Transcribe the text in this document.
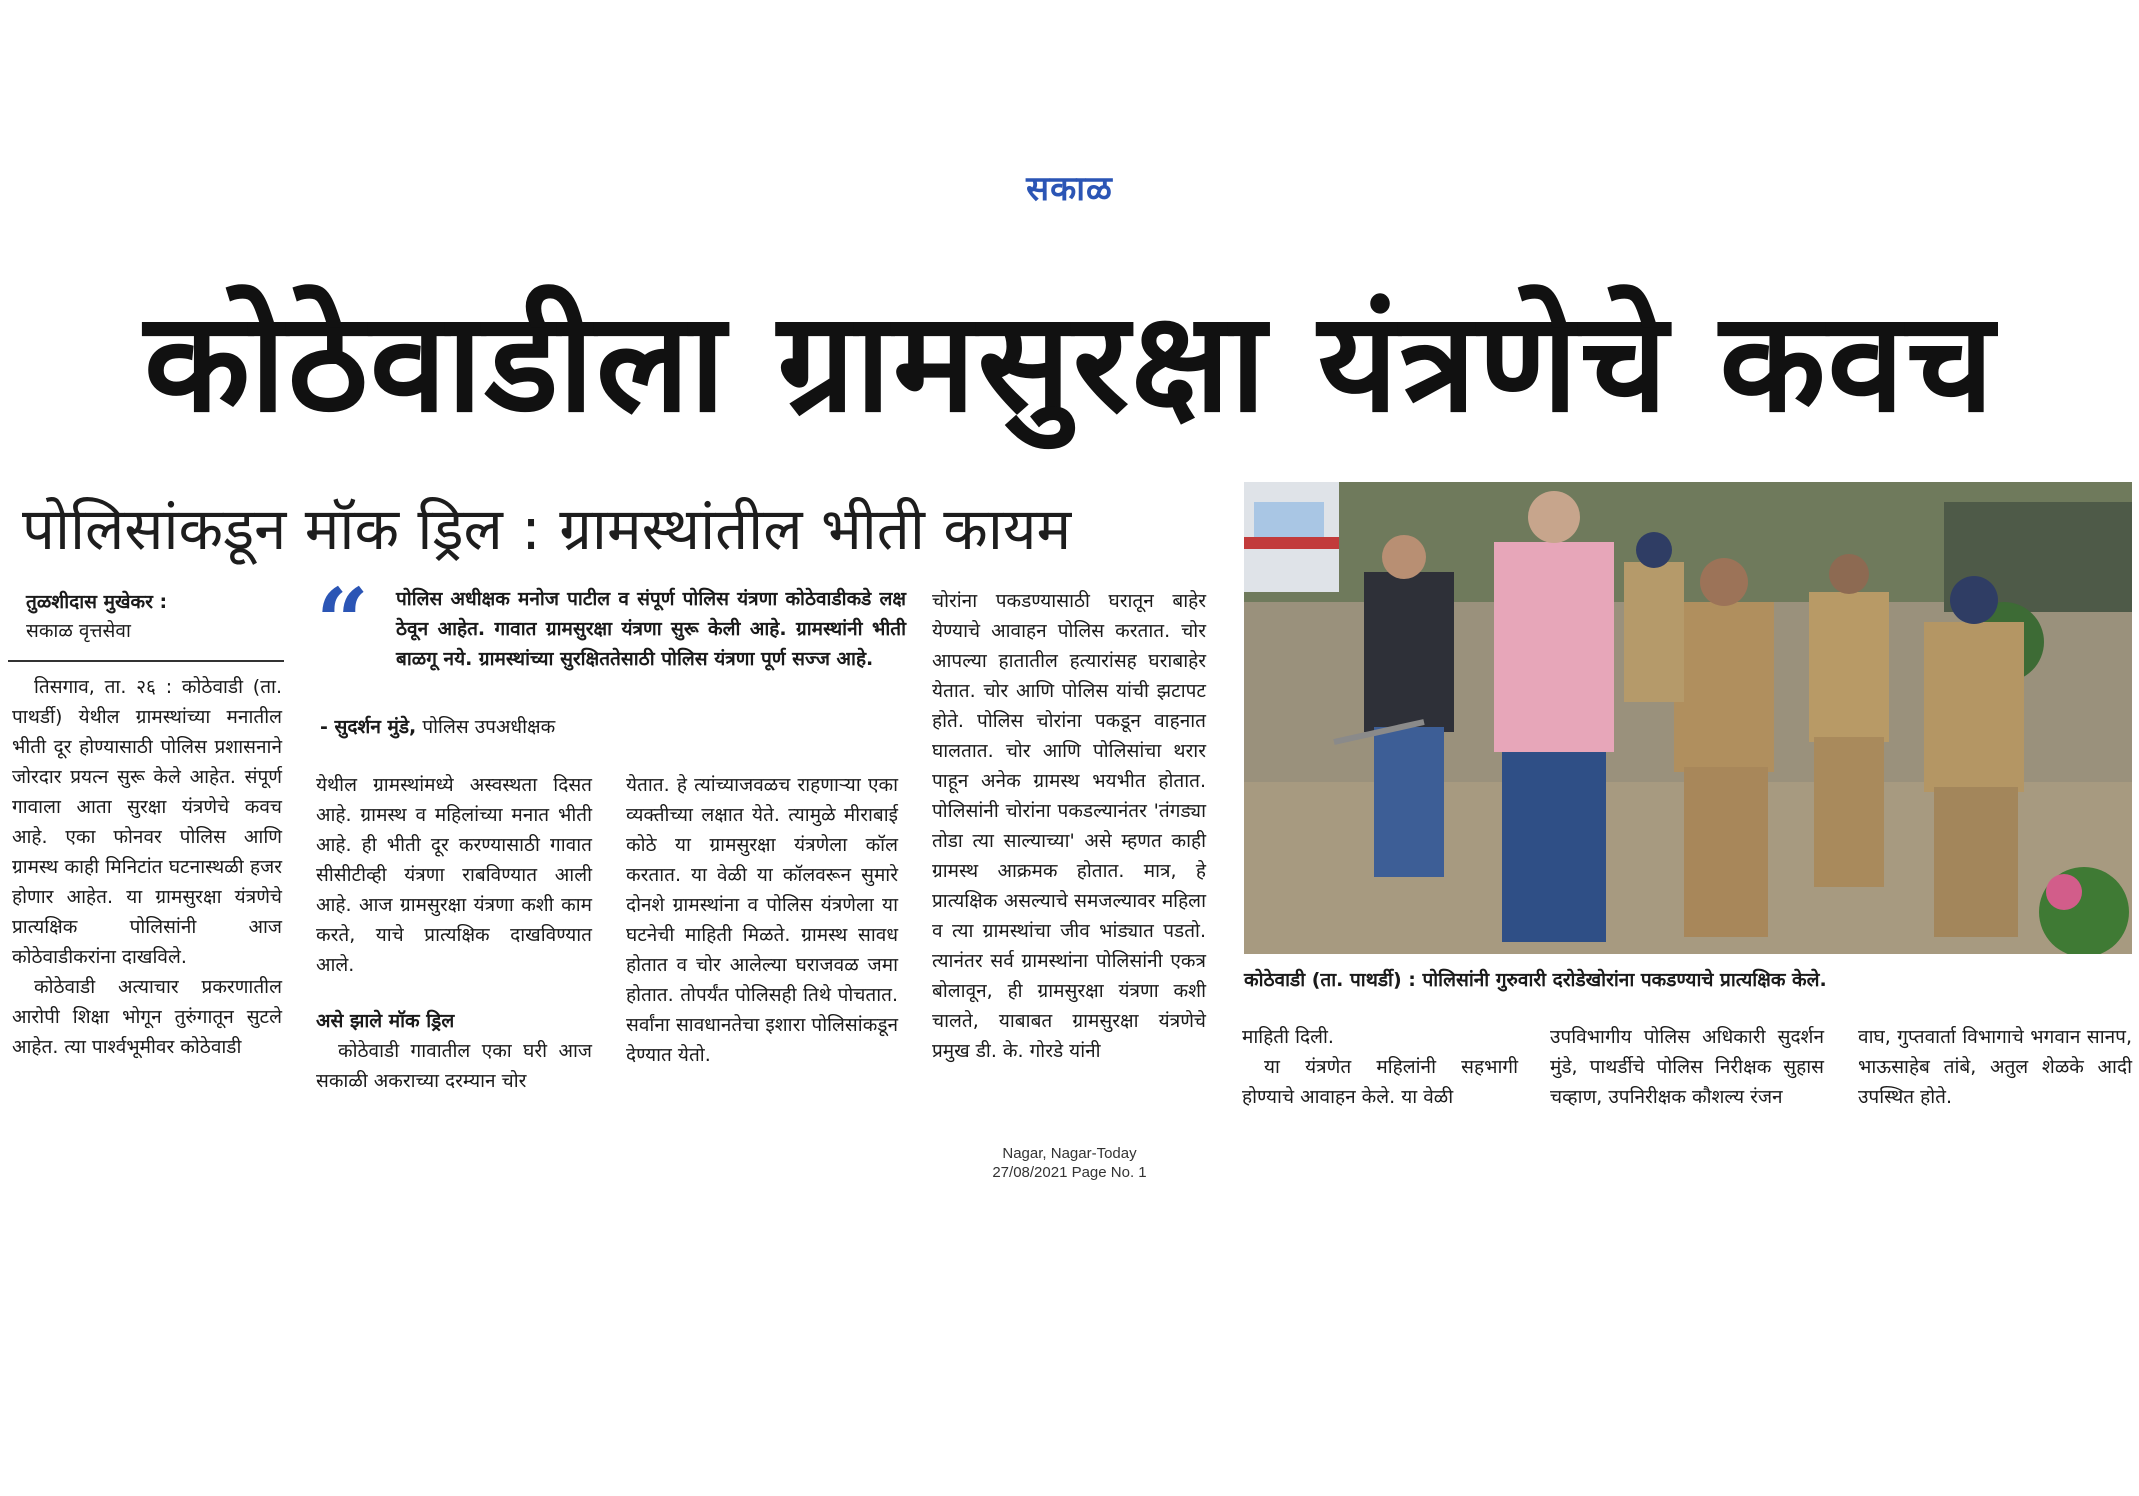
सकाळ
कोठेवाडीला ग्रामसुरक्षा यंत्रणेचे कवच
पोलिसांकडून मॉक ड्रिल : ग्रामस्थांतील भीती कायम
तुळशीदास मुखेकर :
सकाळ वृत्तसेवा

तिसगाव, ता. २६ : कोठेवाडी (ता. पाथर्डी) येथील ग्रामस्थांच्या मनातील भीती दूर होण्यासाठी पोलिस प्रशासनाने जोरदार प्रयत्न सुरू केले आहेत. संपूर्ण गावाला आता सुरक्षा यंत्रणेचे कवच आहे. एका फोनवर पोलिस आणि ग्रामस्थ काही मिनिटांत घटनास्थळी हजर होणार आहेत. या ग्रामसुरक्षा यंत्रणेचे प्रात्यक्षिक पोलिसांनी आज कोठेवाडीकरांना दाखविले.

कोठेवाडी अत्याचार प्रकरणातील आरोपी शिक्षा भोगून तुरुंगातून सुटले आहेत. त्या पार्श्वभूमीवर कोठेवाडी

“ पोलिस अधीक्षक मनोज पाटील व संपूर्ण पोलिस यंत्रणा कोठेवाडीकडे लक्ष ठेवून आहेत. गावात ग्रामसुरक्षा यंत्रणा सुरू केली आहे. ग्रामस्थांनी भीती बाळगू नये. ग्रामस्थांच्या सुरक्षिततेसाठी पोलिस यंत्रणा पूर्ण सज्ज आहे.
- सुदर्शन मुंडे, पोलिस उपअधीक्षक

येथील ग्रामस्थांमध्ये अस्वस्थता दिसत आहे. ग्रामस्थ व महिलांच्या मनात भीती आहे. ही भीती दूर करण्यासाठी गावात सीसीटीव्ही यंत्रणा राबविण्यात आली आहे. आज ग्रामसुरक्षा यंत्रणा कशी काम करते, याचे प्रात्यक्षिक दाखविण्यात आले.

असे झाले मॉक ड्रिल

कोठेवाडी गावातील एका घरी आज सकाळी अकराच्या दरम्यान चोर

येतात. हे त्यांच्याजवळच राहणाऱ्या एका व्यक्तीच्या लक्षात येते. त्यामुळे मीराबाई कोठे या ग्रामसुरक्षा यंत्रणेला कॉल करतात. या वेळी या कॉलवरून सुमारे दोनशे ग्रामस्थांना व पोलिस यंत्रणेला या घटनेची माहिती मिळते. ग्रामस्थ सावध होतात व चोर आलेल्या घराजवळ जमा होतात. तोपर्यंत पोलिसही तिथे पोचतात. सर्वांना सावधानतेचा इशारा पोलिसांकडून देण्यात येतो.

चोरांना पकडण्यासाठी घरातून बाहेर येण्याचे आवाहन पोलिस करतात. चोर आपल्या हातातील हत्यारांसह घराबाहेर येतात. चोर आणि पोलिस यांची झटापट होते. पोलिस चोरांना पकडून वाहनात घालतात. चोर आणि पोलिसांचा थरार पाहून अनेक ग्रामस्थ भयभीत होतात. पोलिसांनी चोरांना पकडल्यानंतर 'तंगड्या तोडा त्या साल्याच्या' असे म्हणत काही ग्रामस्थ आक्रमक होतात. मात्र, हे प्रात्यक्षिक असल्याचे समजल्यावर महिला व त्या ग्रामस्थांचा जीव भांड्यात पडतो. त्यानंतर सर्व ग्रामस्थांना पोलिसांनी एकत्र बोलावून, ही ग्रामसुरक्षा यंत्रणा कशी चालते, याबाबत ग्रामसुरक्षा यंत्रणेचे प्रमुख डी. के. गोरडे यांनी

कोठेवाडी (ता. पाथर्डी) : पोलिसांनी गुरुवारी दरोडेखोरांना पकडण्याचे प्रात्यक्षिक केले.

माहिती दिली.

या यंत्रणेत महिलांनी सहभागी होण्याचे आवाहन केले. या वेळी

उपविभागीय पोलिस अधिकारी सुदर्शन मुंडे, पाथर्डीचे पोलिस निरीक्षक सुहास चव्हाण, उपनिरीक्षक कौशल्य रंजन

वाघ, गुप्तवार्ता विभागाचे भगवान सानप, भाऊसाहेब तांबे, अतुल शेळके आदी उपस्थित होते.

Nagar, Nagar-Today
27/08/2021 Page No. 1
